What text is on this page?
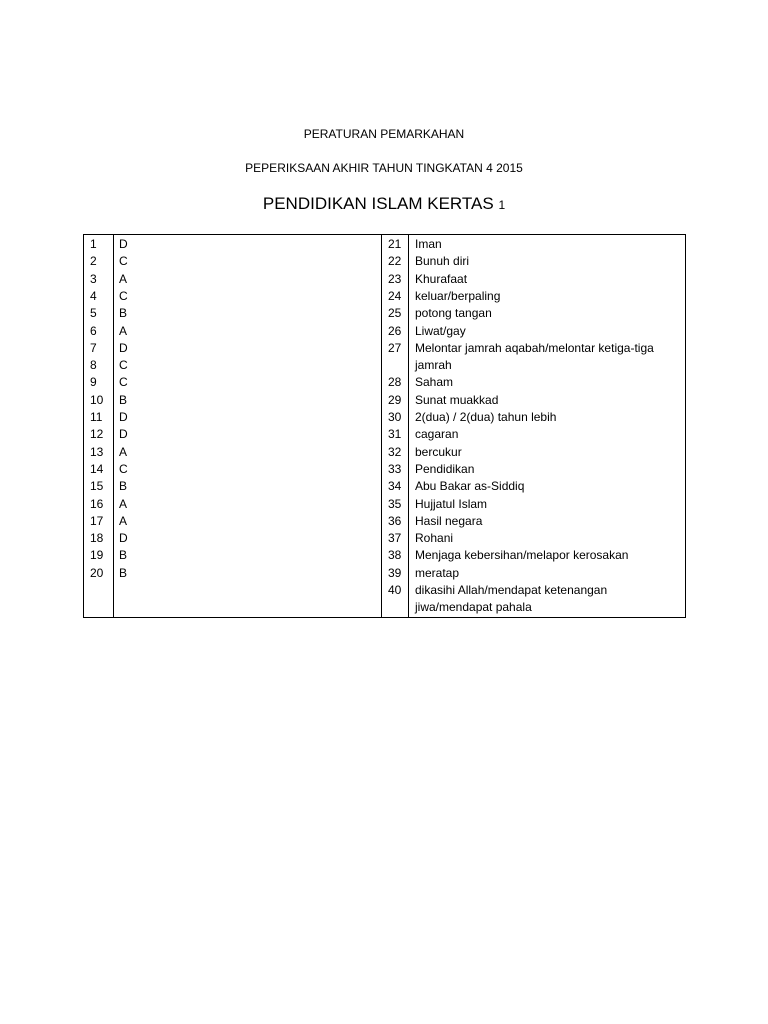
PERATURAN PEMARKAHAN
PEPERIKSAAN AKHIR TAHUN TINGKATAN 4 2015
PENDIDIKAN ISLAM KERTAS 1
1 D
2 C
3 A
4 C
5 B
6 A
7 D
8 C
9 C
10 B
11 D
12 D
13 A
14 C
15 B
16 A
17 A
18 D
19 B
20 B
21 Iman
22 Bunuh diri
23 Khurafaat
24 keluar/berpaling
25 potong tangan
26 Liwat/gay
27 Melontar jamrah aqabah/melontar ketiga-tiga jamrah
28 Saham
29 Sunat muakkad
30 2(dua) / 2(dua) tahun lebih
31 cagaran
32 bercukur
33 Pendidikan
34 Abu Bakar as-Siddiq
35 Hujjatul Islam
36 Hasil negara
37 Rohani
38 Menjaga kebersihan/melapor kerosakan
39 meratap
40 dikasihi Allah/mendapat ketenangan jiwa/mendapat pahala
